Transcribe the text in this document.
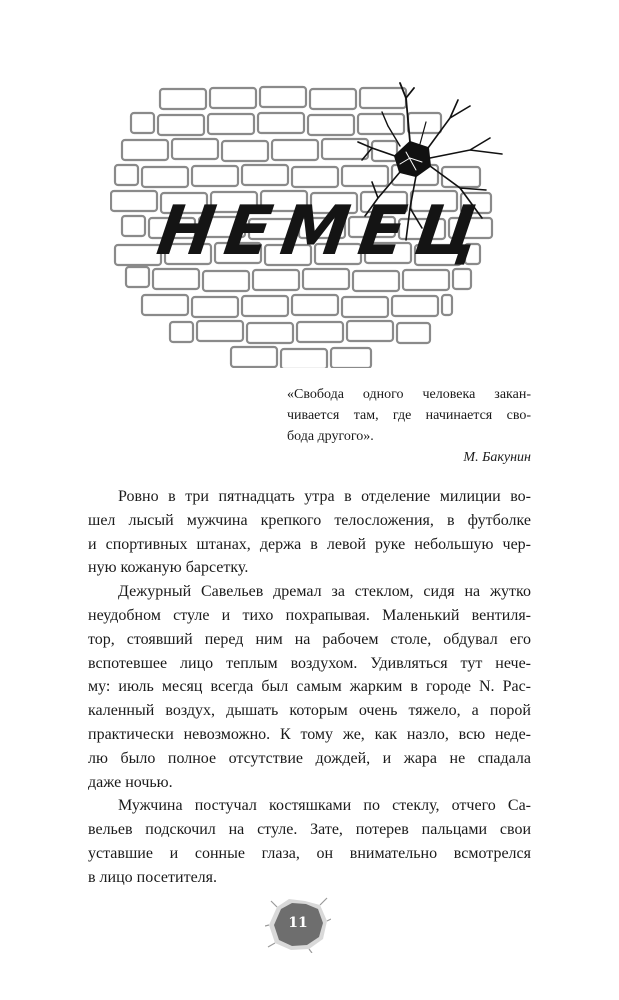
НЕМЕЦ
«Свобода одного человека закан-
чивается там, где начинается сво-
бода другого».
М. Бакунин

Ровно в три пятнадцать утра в отделение милиции во-
шел лысый мужчина крепкого телосложения, в футболке
и спортивных штанах, держа в левой руке небольшую чер-
ную кожаную барсетку.

Дежурный Савельев дремал за стеклом, сидя на жутко
неудобном стуле и тихо похрапывая. Маленький вентиля-
тор, стоявший перед ним на рабочем столе, обдувал его
вспотевшее лицо теплым воздухом. Удивляться тут нече-
му: июль месяц всегда был самым жарким в городе N. Рас-
каленный воздух, дышать которым очень тяжело, а порой
практически невозможно. К тому же, как назло, всю неде-
лю было полное отсутствие дождей, и жара не спадала
даже ночью.

Мужчина постучал костяшками по стеклу, отчего Са-
вельев подскочил на стуле. Зате, потерев пальцами свои
уставшие и сонные глаза, он внимательно всмотрелся
в лицо посетителя.

11
